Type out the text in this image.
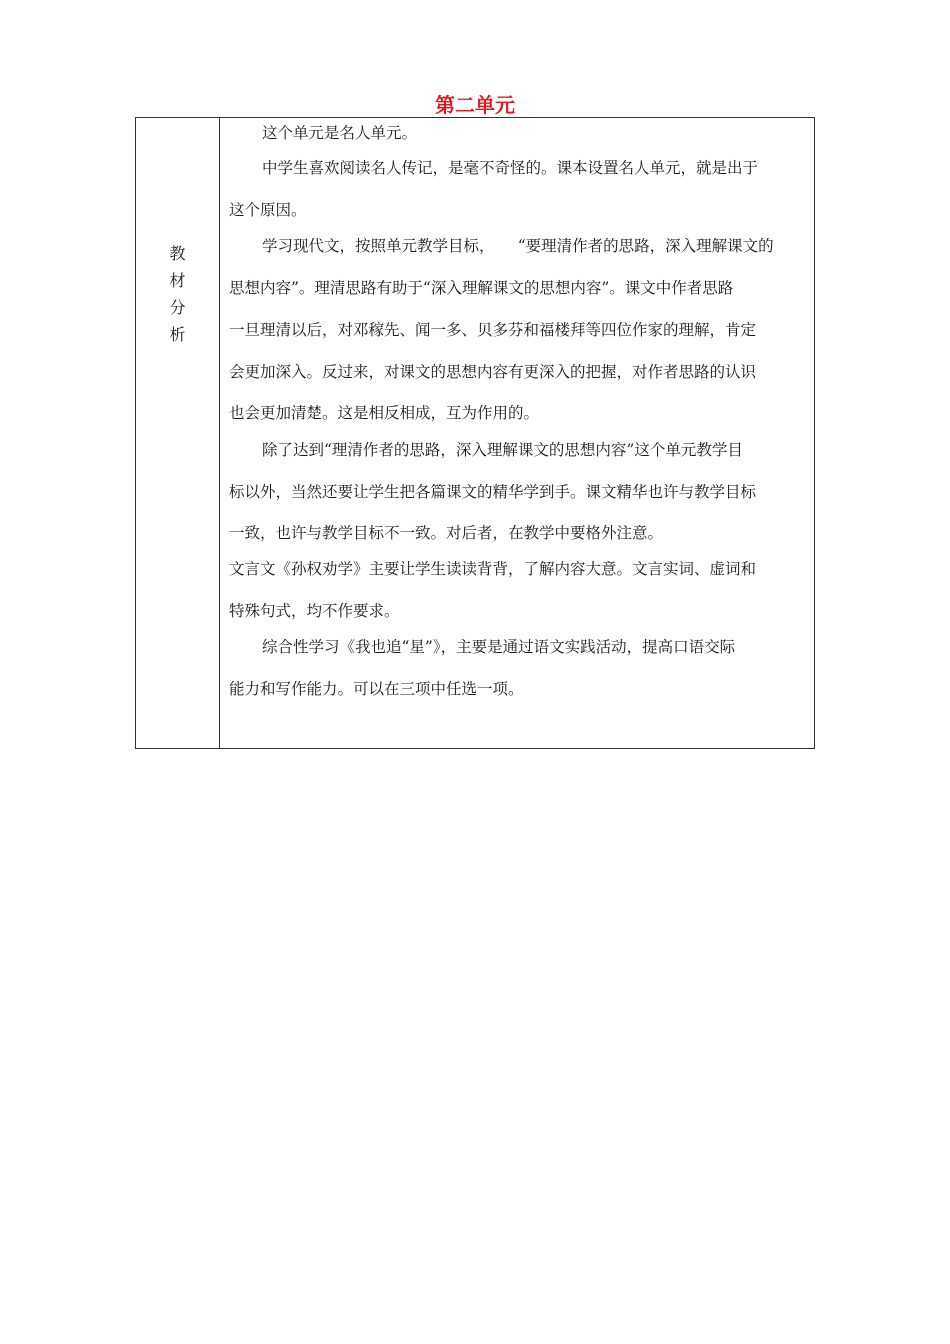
第二单元
教
材
分
析
这个单元是名人单元。
中学生喜欢阅读名人传记，是毫不奇怪的。课本设置名人单元，就是出于
这个原因。
学习现代文，按照单元教学目标，　　“要理清作者的思路，深入理解课文的
思想内容”。理清思路有助于“深入理解课文的思想内容”。课文中作者思路
一旦理清以后，对邓稼先、闻一多、贝多芬和福楼拜等四位作家的理解，肯定
会更加深入。反过来，对课文的思想内容有更深入的把握，对作者思路的认识
也会更加清楚。这是相反相成，互为作用的。
除了达到“理清作者的思路，深入理解课文的思想内容”这个单元教学目
标以外，当然还要让学生把各篇课文的精华学到手。课文精华也许与教学目标
一致，也许与教学目标不一致。对后者，在教学中要格外注意。
文言文《孙权劝学》主要让学生读读背背，了解内容大意。文言实词、虚词和
特殊句式，均不作要求。
综合性学习《我也追“星”》，主要是通过语文实践活动，提高口语交际
能力和写作能力。可以在三项中任选一项。
